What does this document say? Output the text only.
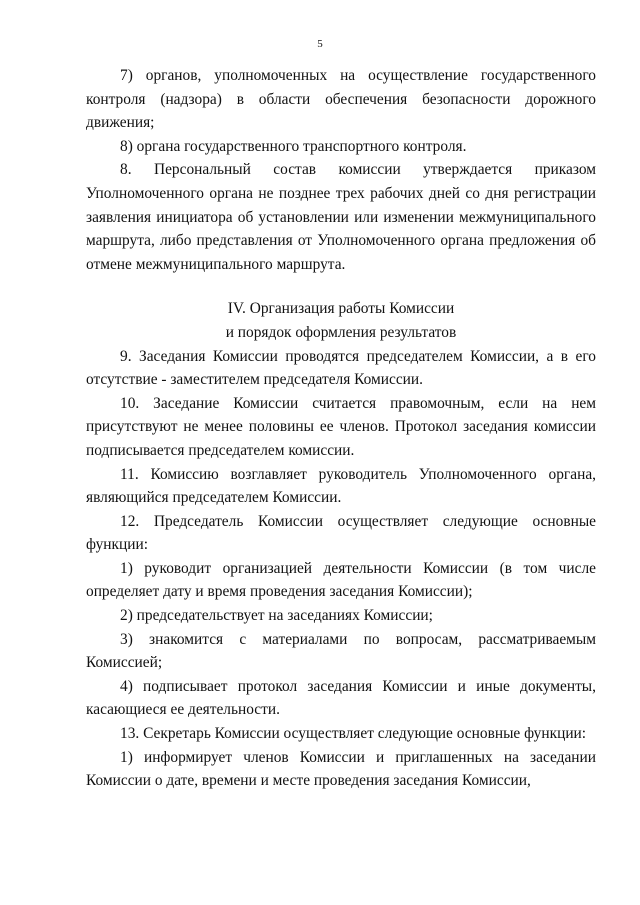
5

7) органов, уполномоченных на осуществление государственного контроля (надзора) в области обеспечения безопасности дорожного движения;

8) органа государственного транспортного контроля.

8. Персональный состав комиссии утверждается приказом Уполномоченного органа не позднее трех рабочих дней со дня регистрации заявления инициатора об установлении или изменении межмуниципального маршрута, либо представления от Уполномоченного органа предложения об отмене межмуниципального маршрута.

IV. Организация работы Комиссии
и порядок оформления результатов

9. Заседания Комиссии проводятся председателем Комиссии, а в его отсутствие - заместителем председателя Комиссии.

10. Заседание Комиссии считается правомочным, если на нем присутствуют не менее половины ее членов. Протокол заседания комиссии подписывается председателем комиссии.

11. Комиссию возглавляет руководитель Уполномоченного органа, являющийся председателем Комиссии.

12. Председатель Комиссии осуществляет следующие основные функции:

1) руководит организацией деятельности Комиссии (в том числе определяет дату и время проведения заседания Комиссии);

2) председательствует на заседаниях Комиссии;

3) знакомится с материалами по вопросам, рассматриваемым Комиссией;

4) подписывает протокол заседания Комиссии и иные документы, касающиеся ее деятельности.

13. Секретарь Комиссии осуществляет следующие основные функции:

1) информирует членов Комиссии и приглашенных на заседании Комиссии о дате, времени и месте проведения заседания Комиссии,
